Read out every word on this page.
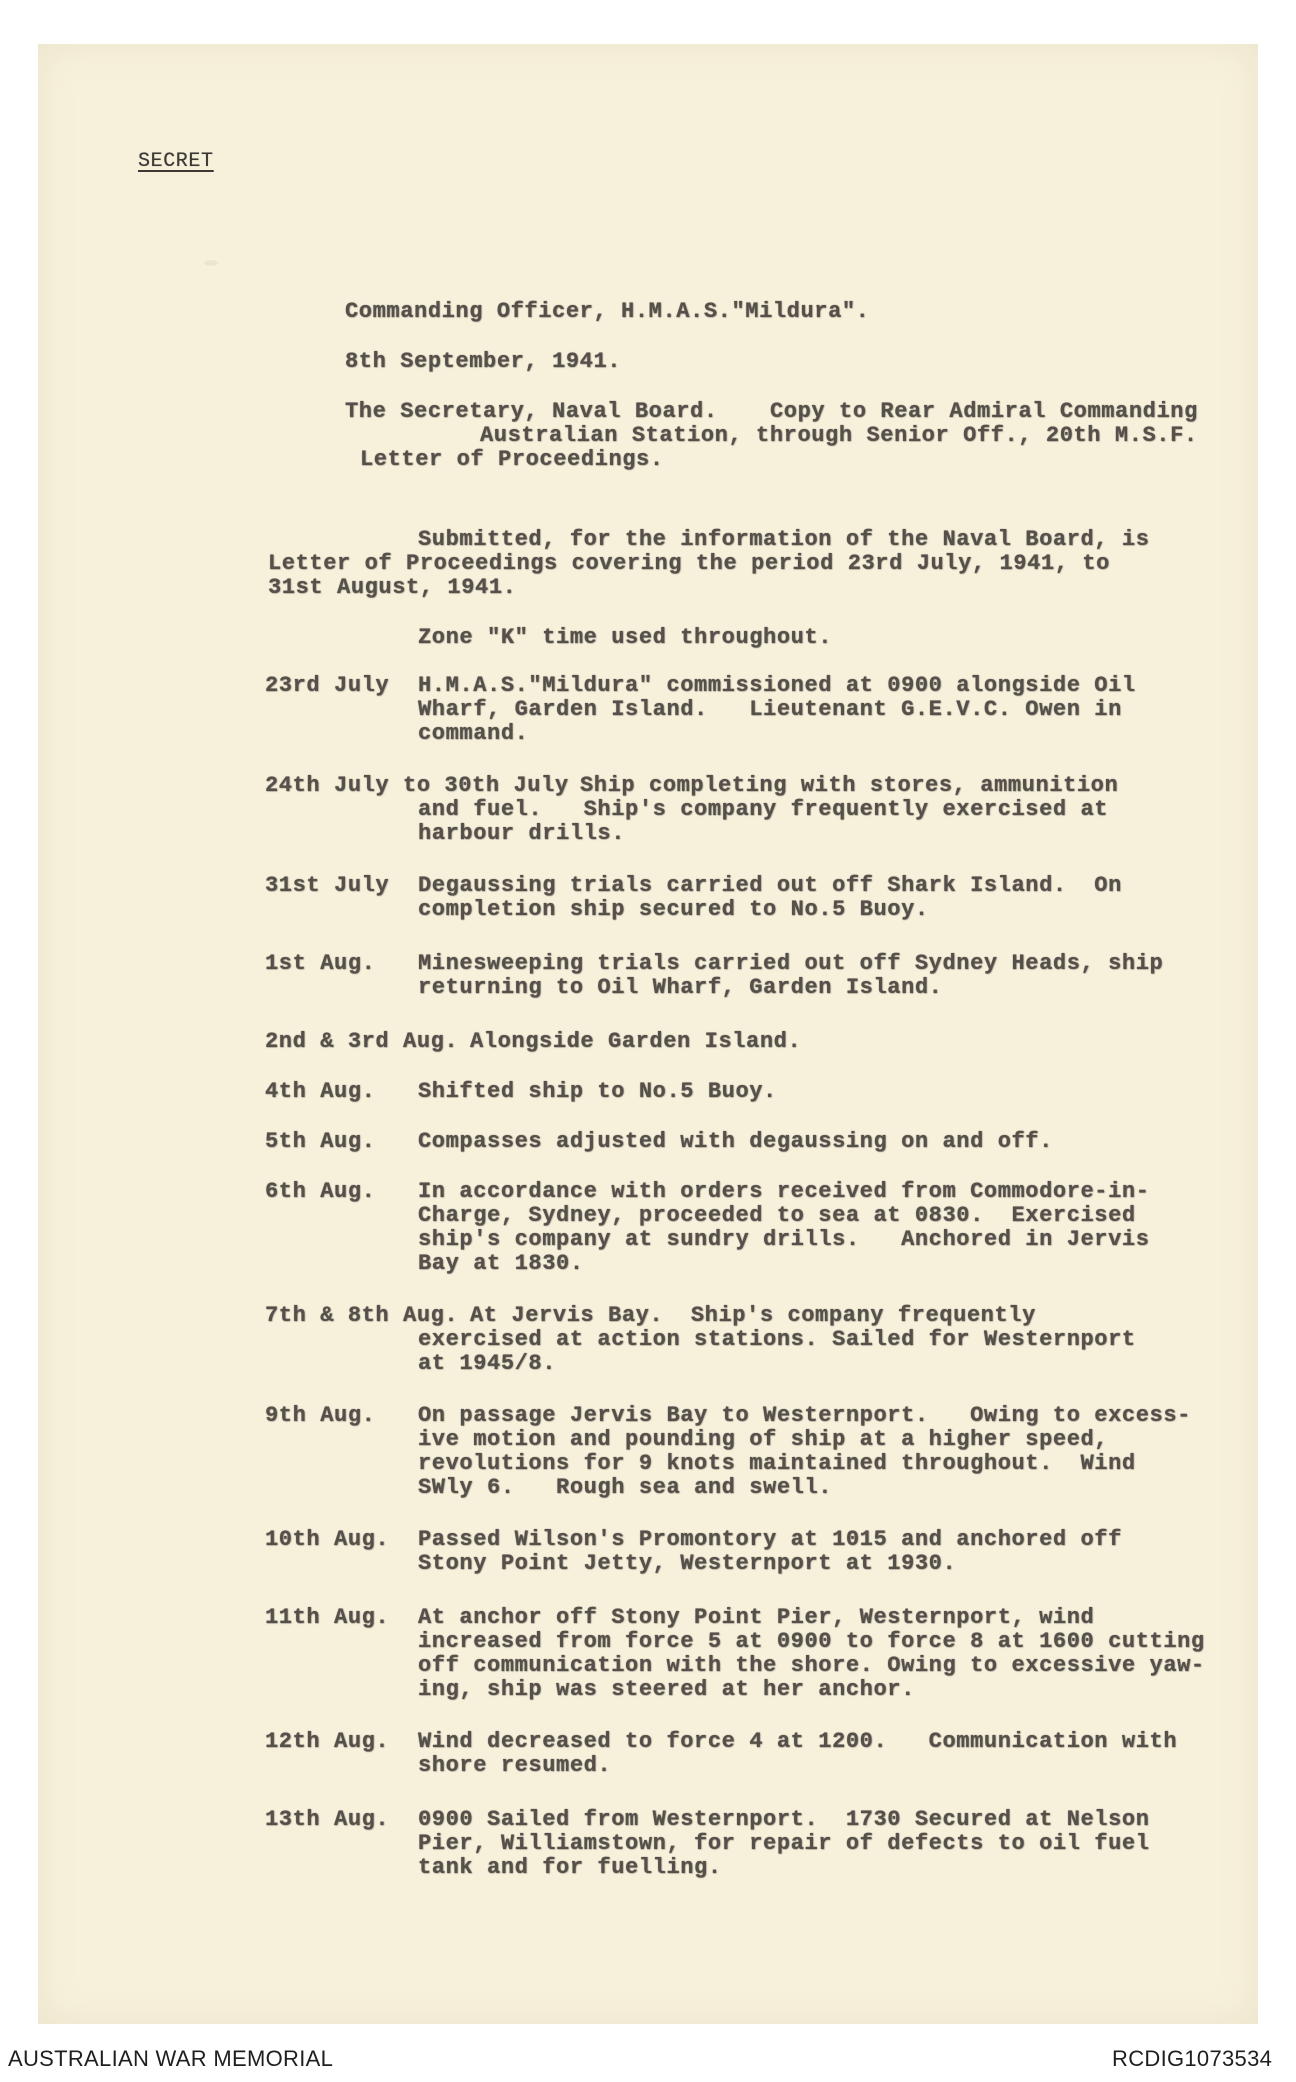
SECRET

Commanding Officer, H.M.A.S."Mildura".

8th September, 1941.

The Secretary, Naval Board. Copy to Rear Admiral Commanding

Australian Station, through Senior Off., 20th M.S.F.

Letter of Proceedings.

Submitted, for the information of the Naval Board, is

Letter of Proceedings covering the period 23rd July, 1941, to

31st August, 1941.

Zone "K" time used throughout.

23rd July H.M.A.S."Mildura" commissioned at 0900 alongside Oil

Wharf, Garden Island.   Lieutenant G.E.V.C. Owen in

command.

24th July to 30th July Ship completing with stores, ammunition

and fuel.   Ship's company frequently exercised at

harbour drills.

31st July Degaussing trials carried out off Shark Island.  On

completion ship secured to No.5 Buoy.

1st Aug. Minesweeping trials carried out off Sydney Heads, ship

returning to Oil Wharf, Garden Island.

2nd & 3rd Aug. Alongside Garden Island.

4th Aug. Shifted ship to No.5 Buoy.

5th Aug. Compasses adjusted with degaussing on and off.

6th Aug. In accordance with orders received from Commodore-in-

Charge, Sydney, proceeded to sea at 0830.  Exercised

ship's company at sundry drills.   Anchored in Jervis

Bay at 1830.

7th & 8th Aug. At Jervis Bay.  Ship's company frequently

exercised at action stations. Sailed for Westernport

at 1945/8.

9th Aug. On passage Jervis Bay to Westernport.   Owing to excess-

ive motion and pounding of ship at a higher speed,

revolutions for 9 knots maintained throughout.  Wind

SWly 6.   Rough sea and swell.

10th Aug. Passed Wilson's Promontory at 1015 and anchored off

Stony Point Jetty, Westernport at 1930.

11th Aug. At anchor off Stony Point Pier, Westernport, wind

increased from force 5 at 0900 to force 8 at 1600 cutting

off communication with the shore. Owing to excessive yaw-

ing, ship was steered at her anchor.

12th Aug. Wind decreased to force 4 at 1200.   Communication with

shore resumed.

13th Aug. 0900 Sailed from Westernport.  1730 Secured at Nelson

Pier, Williamstown, for repair of defects to oil fuel

tank and for fuelling.

AUSTRALIAN WAR MEMORIAL	RCDIG1073534
